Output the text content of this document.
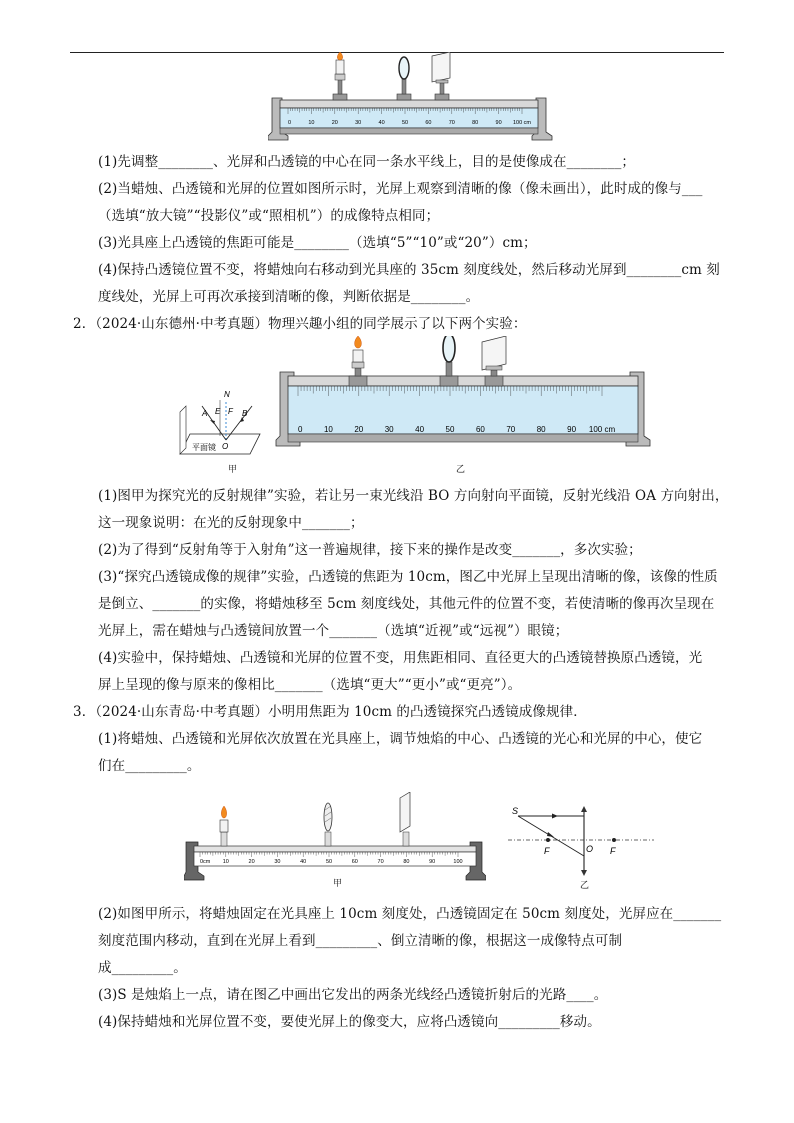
0	10	20	30	40	50	60	70	80	90 100 cm
(1)先调整________、光屏和凸透镜的中心在同一条水平线上，目的是使像成在________；
(2)当蜡烛、凸透镜和光屏的位置如图所示时，光屏上观察到清晰的像（像未画出），此时成的像与___
（选填“放大镜”“投影仪”或“照相机”）的成像特点相同；
(3)光具座上凸透镜的焦距可能是________（选填“5”“10”或“20”）cm；
(4)保持凸透镜位置不变，将蜡烛向右移动到光具座的 35cm 刻度线处，然后移动光屏到________cm 刻
度线处，光屏上可再次承接到清晰的像，判断依据是________。
2．（2024·山东德州·中考真题）物理兴趣小组的同学展示了以下两个实验：
N
A E F B
O
平面镜
0	10	20	30	40	50	60	70	80	90 100 cm
甲	乙
(1)图甲为探究光的反射规律”实验，若让另一束光线沿 BO 方向射向平面镜，反射光线沿 OA 方向射出，
这一现象说明：在光的反射现象中_______；
(2)为了得到“反射角等于入射角”这一普遍规律，接下来的操作是改变_______，多次实验；
(3)“探究凸透镜成像的规律”实验，凸透镜的焦距为 10cm，图乙中光屏上呈现出清晰的像，该像的性质
是倒立、_______的实像，将蜡烛移至 5cm 刻度线处，其他元件的位置不变，若使清晰的像再次呈现在
光屏上，需在蜡烛与凸透镜间放置一个_______（选填“近视”或“远视”）眼镜；
(4)实验中，保持蜡烛、凸透镜和光屏的位置不变，用焦距相同、直径更大的凸透镜替换原凸透镜，光
屏上呈现的像与原来的像相比_______（选填“更大”“更小”或“更亮”）。
3．（2024·山东青岛·中考真题）小明用焦距为 10cm 的凸透镜探究凸透镜成像规律．
(1)将蜡烛、凸透镜和光屏依次放置在光具座上，调节烛焰的中心、凸透镜的光心和光屏的中心，使它
们在_________。
0cm 10	20	30	40	50	60	70	80	90	100
甲
S
F	O F
乙
(2)如图甲所示，将蜡烛固定在光具座上 10cm 刻度处，凸透镜固定在 50cm 刻度处，光屏应在_______
刻度范围内移动，直到在光屏上看到_________、倒立清晰的像，根据这一成像特点可制
成_________。
(3)S 是烛焰上一点，请在图乙中画出它发出的两条光线经凸透镜折射后的光路____。
(4)保持蜡烛和光屏位置不变，要使光屏上的像变大，应将凸透镜向_________移动。
